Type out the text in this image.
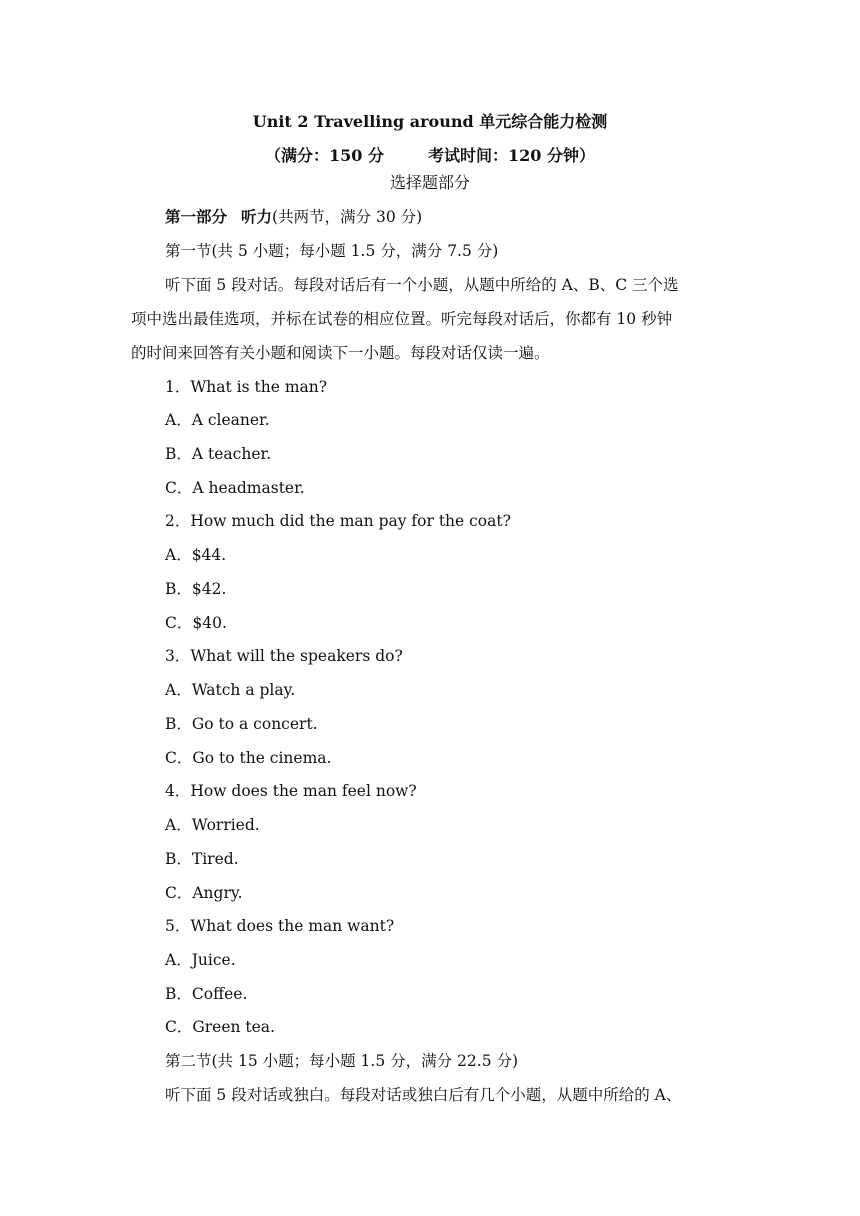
Unit 2 Travelling around 单元综合能力检测
（满分：150 分	考试时间：120 分钟）
选择题部分
第一部分 听力(共两节，满分 30 分)
第一节(共 5 小题；每小题 1.5 分，满分 7.5 分)
听下面 5 段对话。每段对话后有一个小题，从题中所给的 A、B、C 三个选
项中选出最佳选项，并标在试卷的相应位置。听完每段对话后，你都有 10 秒钟
的时间来回答有关小题和阅读下一小题。每段对话仅读一遍。
1．What is the man?
A．A cleaner.
B．A teacher.
C．A headmaster.
2．How much did the man pay for the coat?
A．$44.
B．$42.
C．$40.
3．What will the speakers do?
A．Watch a play.
B．Go to a concert.
C．Go to the cinema.
4．How does the man feel now?
A．Worried.
B．Tired.
C．Angry.
5．What does the man want?
A．Juice.
B．Coffee.
C．Green tea.
第二节(共 15 小题；每小题 1.5 分，满分 22.5 分)
听下面 5 段对话或独白。每段对话或独白后有几个小题，从题中所给的 A、
